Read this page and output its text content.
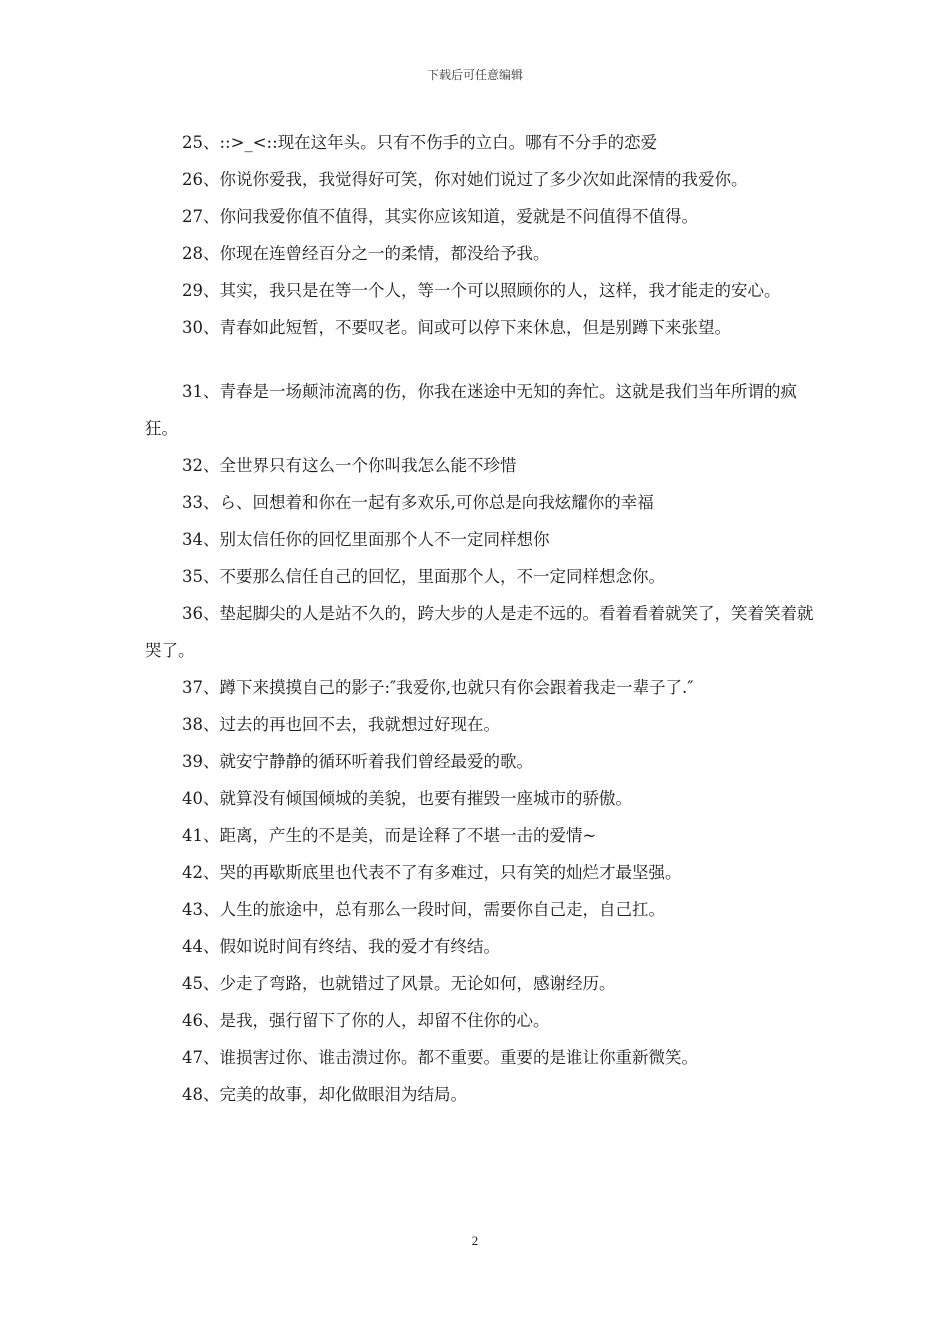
下载后可任意编辑

25、::>_<::现在这年头。只有不伤手的立白。哪有不分手的恋爱

26、你说你爱我，我觉得好可笑，你对她们说过了多少次如此深情的我爱你。

27、你问我爱你值不值得，其实你应该知道，爱就是不问值得不值得。

28、你现在连曾经百分之一的柔情，都没给予我。

29、其实，我只是在等一个人，等一个可以照顾你的人，这样，我才能走的安心。

30、青春如此短暂，不要叹老。间或可以停下来休息，但是别蹲下来张望。

31、青春是一场颠沛流离的伤，你我在迷途中无知的奔忙。这就是我们当年所谓的疯狂。

32、全世界只有这么一个你叫我怎么能不珍惜

33、ら、回想着和你在一起有多欢乐,可你总是向我炫耀你的幸福

34、别太信任你的回忆里面那个人不一定同样想你

35、不要那么信任自己的回忆，里面那个人，不一定同样想念你。

36、垫起脚尖的人是站不久的，跨大步的人是走不远的。看着看着就笑了，笑着笑着就哭了。

37、蹲下来摸摸自己的影子:″我爱你,也就只有你会跟着我走一辈子了.″

38、过去的再也回不去，我就想过好现在。

39、就安宁静静的循环听着我们曾经最爱的歌。

40、就算没有倾国倾城的美貌，也要有摧毁一座城市的骄傲。

41、距离，产生的不是美，而是诠释了不堪一击的爱情~

42、哭的再歇斯底里也代表不了有多难过，只有笑的灿烂才最坚强。

43、人生的旅途中，总有那么一段时间，需要你自己走，自己扛。

44、假如说时间有终结、我的爱才有终结。

45、少走了弯路，也就错过了风景。无论如何，感谢经历。

46、是我，强行留下了你的人，却留不住你的心。

47、谁损害过你、谁击溃过你。都不重要。重要的是谁让你重新微笑。

48、完美的故事，却化做眼泪为结局。

2
